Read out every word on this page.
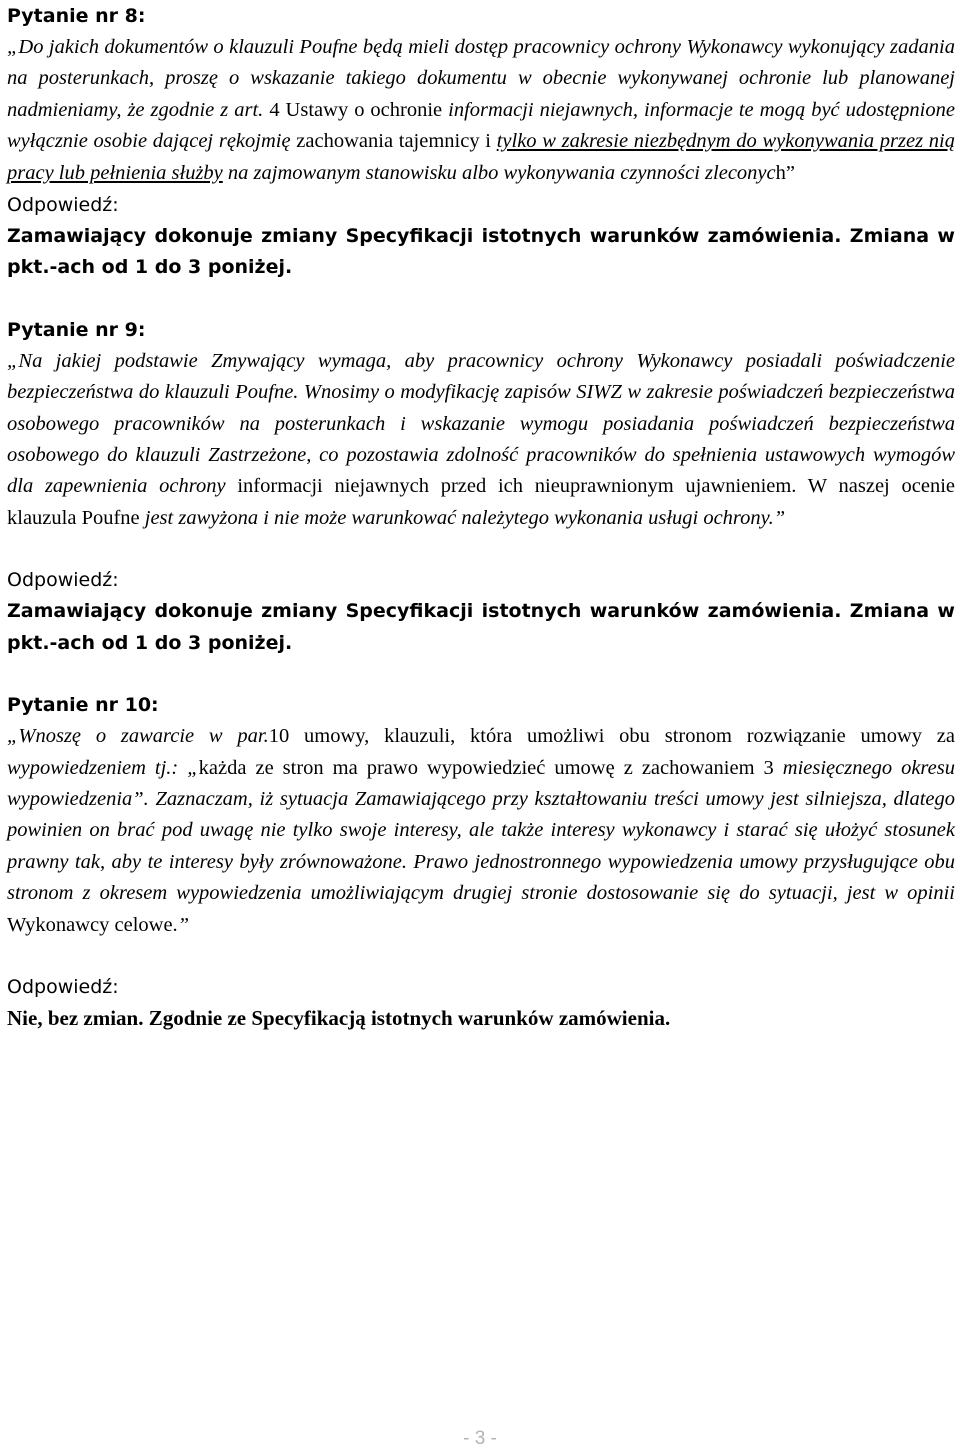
Pytanie nr 8:

„Do jakich dokumentów o klauzuli Poufne będą mieli dostęp pracownicy ochrony Wykonawcy wykonujący zadania na posterunkach, proszę o wskazanie takiego dokumentu w obecnie wykonywanej ochronie lub planowanej nadmieniamy, że zgodnie z art. 4 Ustawy o ochronie informacji niejawnych, informacje te mogą być udostępnione wyłącznie osobie dającej rękojmię zachowania tajemnicy i tylko w zakresie niezbędnym do wykonywania przez nią pracy lub pełnienia służby na zajmowanym stanowisku albo wykonywania czynności zleconych”

Odpowiedź:

Zamawiający dokonuje zmiany Specyfikacji istotnych warunków zamówienia. Zmiana w pkt.-ach od 1 do 3 poniżej.

Pytanie nr 9:

„Na jakiej podstawie Zmywający wymaga, aby pracownicy ochrony Wykonawcy posiadali poświadczenie bezpieczeństwa do klauzuli Poufne. Wnosimy o modyfikację zapisów SIWZ w zakresie poświadczeń bezpieczeństwa osobowego pracowników na posterunkach i wskazanie wymogu posiadania poświadczeń bezpieczeństwa osobowego do klauzuli Zastrzeżone, co pozostawia zdolność pracowników do spełnienia ustawowych wymogów dla zapewnienia ochrony informacji niejawnych przed ich nieuprawnionym ujawnieniem. W naszej ocenie klauzula Poufne jest zawyżona i nie może warunkować należytego wykonania usługi ochrony.”

Odpowiedź:

Zamawiający dokonuje zmiany Specyfikacji istotnych warunków zamówienia. Zmiana w pkt.-ach od 1 do 3 poniżej.

Pytanie nr 10:

„Wnoszę o zawarcie w par.10 umowy, klauzuli, która umożliwi obu stronom rozwiązanie umowy za wypowiedzeniem tj.: „każda ze stron ma prawo wypowiedzieć umowę z zachowaniem 3 miesięcznego okresu wypowiedzenia”. Zaznaczam, iż sytuacja Zamawiającego przy kształtowaniu treści umowy jest silniejsza, dlatego powinien on brać pod uwagę nie tylko swoje interesy, ale także interesy wykonawcy i starać się ułożyć stosunek prawny tak, aby te interesy były zrównoważone. Prawo jednostronnego wypowiedzenia umowy przysługujące obu stronom z okresem wypowiedzenia umożliwiającym drugiej stronie dostosowanie się do sytuacji, jest w opinii Wykonawcy celowe.”

Odpowiedź:

Nie, bez zmian. Zgodnie ze Specyfikacją istotnych warunków zamówienia.

- 3 -
